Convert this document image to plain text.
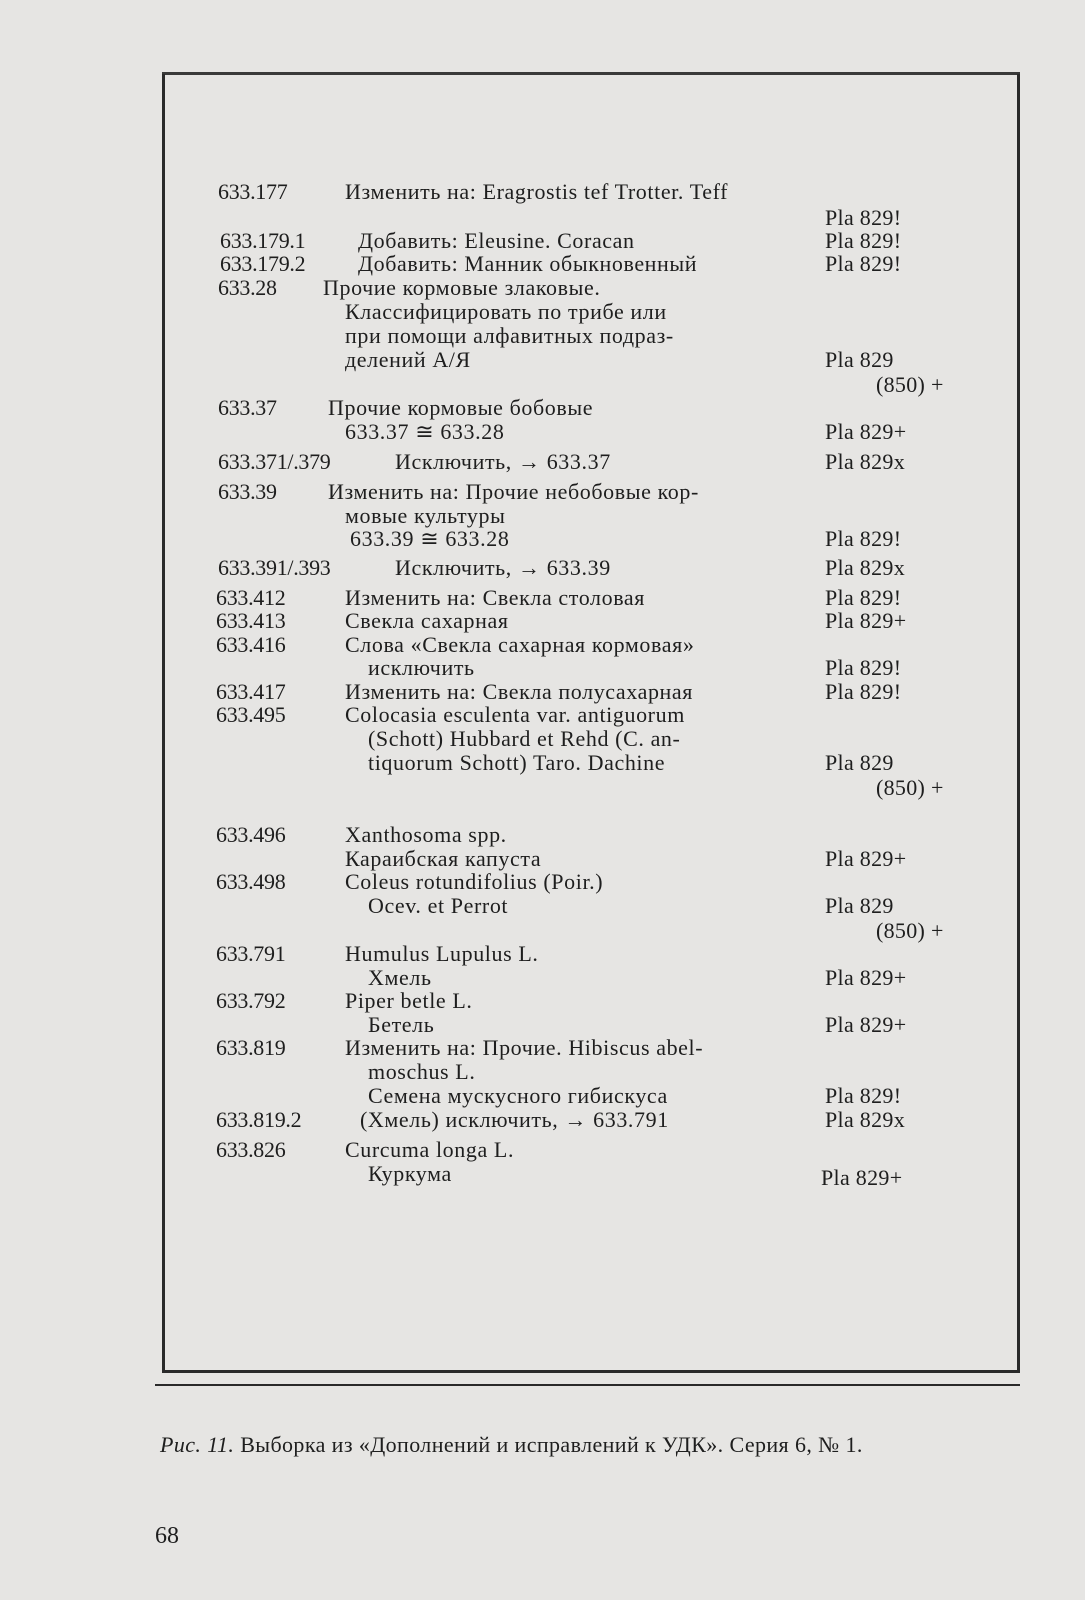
633.177	Изменить на: Eragrostis tef Trotter. Teff
Pla 829!
633.179.1 Добавить: Eleusine. Coracan	Pla 829!
633.179.2 Добавить: Манник обыкновенный	Pla 829!
633.28 Прочие кормовые злаковые.
Классифицировать по трибе или
при помощи алфавитных подраз-
делений А/Я	Pla 829
(850) +
633.37 Прочие кормовые бобовые
633.37 ≅ 633.28	Pla 829+
633.371/.379	Исключить, → 633.37	Pla 829x
633.39 Изменить на: Прочие небобовые кор-
мовые культуры
633.39 ≅ 633.28	Pla 829!
633.391/.393	Исключить, → 633.39	Pla 829x
633.412	Изменить на: Свекла столовая	Pla 829!
633.413	Свекла сахарная	Pla 829+
633.416	Слова «Свекла сахарная кормовая»
исключить	Pla 829!
633.417	Изменить на: Свекла полусахарная	Pla 829!
633.495	Colocasia esculenta var. antiguorum
(Schott) Hubbard et Rehd (C. an-
tiquorum Schott) Taro. Dachine	Pla 829
(850) +
633.496	Xanthosoma spp.
Караибская капуста	Pla 829+
633.498	Coleus rotundifolius (Poir.)
Ocev. et Perrot	Pla 829
(850) +
633.791	Humulus Lupulus L.
Хмель	Pla 829+
633.792	Piper betle L.
Бетель	Pla 829+
633.819	Изменить на: Прочие. Hibiscus abel-
moschus L.
Семена мускусного гибискуса	Pla 829!
633.819.2	(Хмель) исключить, → 633.791	Pla 829x
633.826	Curcuma longa L.
Куркума	Pla 829+
Рис. 11. Выборка из «Дополнений и исправлений к УДК». Серия 6, № 1.
68
